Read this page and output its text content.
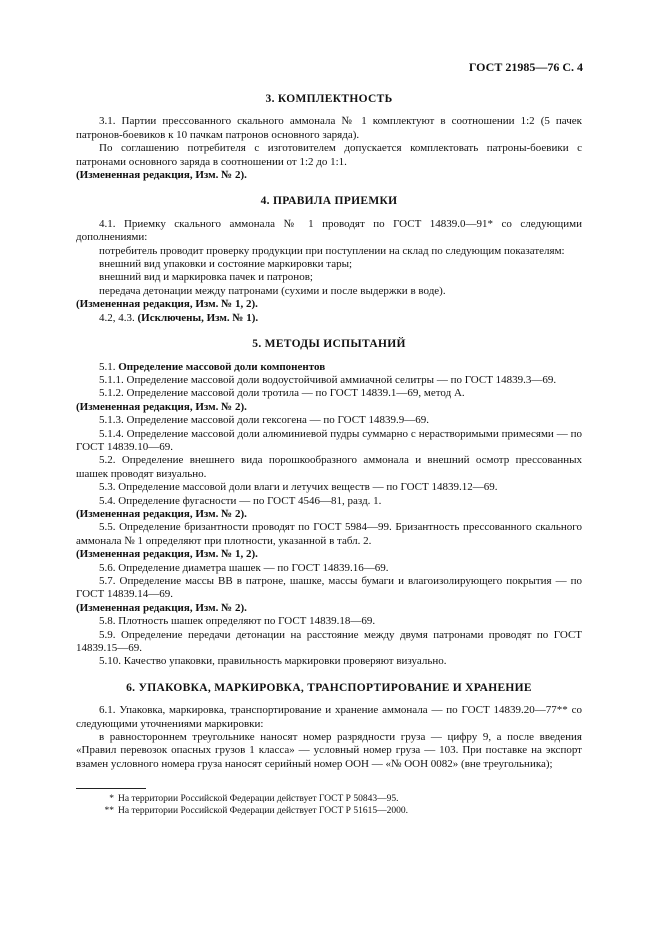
ГОСТ 21985—76 С. 4
3. КОМПЛЕКТНОСТЬ

3.1. Партии прессованного скального аммонала № 1 комплектуют в соотношении 1:2 (5 пачек патронов-боевиков к 10 пачкам патронов основного заряда).

По соглашению потребителя с изготовителем допускается комплектовать патроны-боевики с патронами основного заряда в соотношении от 1:2 до 1:1.

(Измененная редакция, Изм. № 2).

4. ПРАВИЛА ПРИЕМКИ

4.1. Приемку скального аммонала № 1 проводят по ГОСТ 14839.0—91* со следующими дополнениями:

потребитель проводит проверку продукции при поступлении на склад по следующим показателям:

внешний вид упаковки и состояние маркировки тары;

внешний вид и маркировка пачек и патронов;

передача детонации между патронами (сухими и после выдержки в воде).

(Измененная редакция, Изм. № 1, 2).

4.2, 4.3. (Исключены, Изм. № 1).

5. МЕТОДЫ ИСПЫТАНИЙ

5.1. Определение массовой доли компонентов

5.1.1. Определение массовой доли водоустойчивой аммиачной селитры — по ГОСТ 14839.3—69.

5.1.2. Определение массовой доли тротила — по ГОСТ 14839.1—69, метод А.

(Измененная редакция, Изм. № 2).

5.1.3. Определение массовой доли гексогена — по ГОСТ 14839.9—69.

5.1.4. Определение массовой доли алюминиевой пудры суммарно с нерастворимыми примесями — по ГОСТ 14839.10—69.

5.2. Определение внешнего вида порошкообразного аммонала и внешний осмотр прессованных шашек проводят визуально.

5.3. Определение массовой доли влаги и летучих веществ — по ГОСТ 14839.12—69.

5.4. Определение фугасности — по ГОСТ 4546—81, разд. 1.

(Измененная редакция, Изм. № 2).

5.5. Определение бризантности проводят по ГОСТ 5984—99. Бризантность прессованного скального аммонала № 1 определяют при плотности, указанной в табл. 2.

(Измененная редакция, Изм. № 1, 2).

5.6. Определение диаметра шашек — по ГОСТ 14839.16—69.

5.7. Определение массы ВВ в патроне, шашке, массы бумаги и влагоизолирующего покрытия — по ГОСТ 14839.14—69.

(Измененная редакция, Изм. № 2).

5.8. Плотность шашек определяют по ГОСТ 14839.18—69.

5.9. Определение передачи детонации на расстояние между двумя патронами проводят по ГОСТ 14839.15—69.

5.10. Качество упаковки, правильность маркировки проверяют визуально.

6. УПАКОВКА, МАРКИРОВКА, ТРАНСПОРТИРОВАНИЕ И ХРАНЕНИЕ

6.1. Упаковка, маркировка, транспортирование и хранение аммонала — по ГОСТ 14839.20—77** со следующими уточнениями маркировки:

в равностороннем треугольнике наносят номер разрядности груза — цифру 9, а после введения «Правил перевозок опасных грузов 1 класса» — условный номер груза — 103. При поставке на экспорт взамен условного номера груза наносят серийный номер ООН — «№ ООН 0082» (вне треугольника);

* На территории Российской Федерации действует ГОСТ Р 50843—95.
** На территории Российской Федерации действует ГОСТ Р 51615—2000.
